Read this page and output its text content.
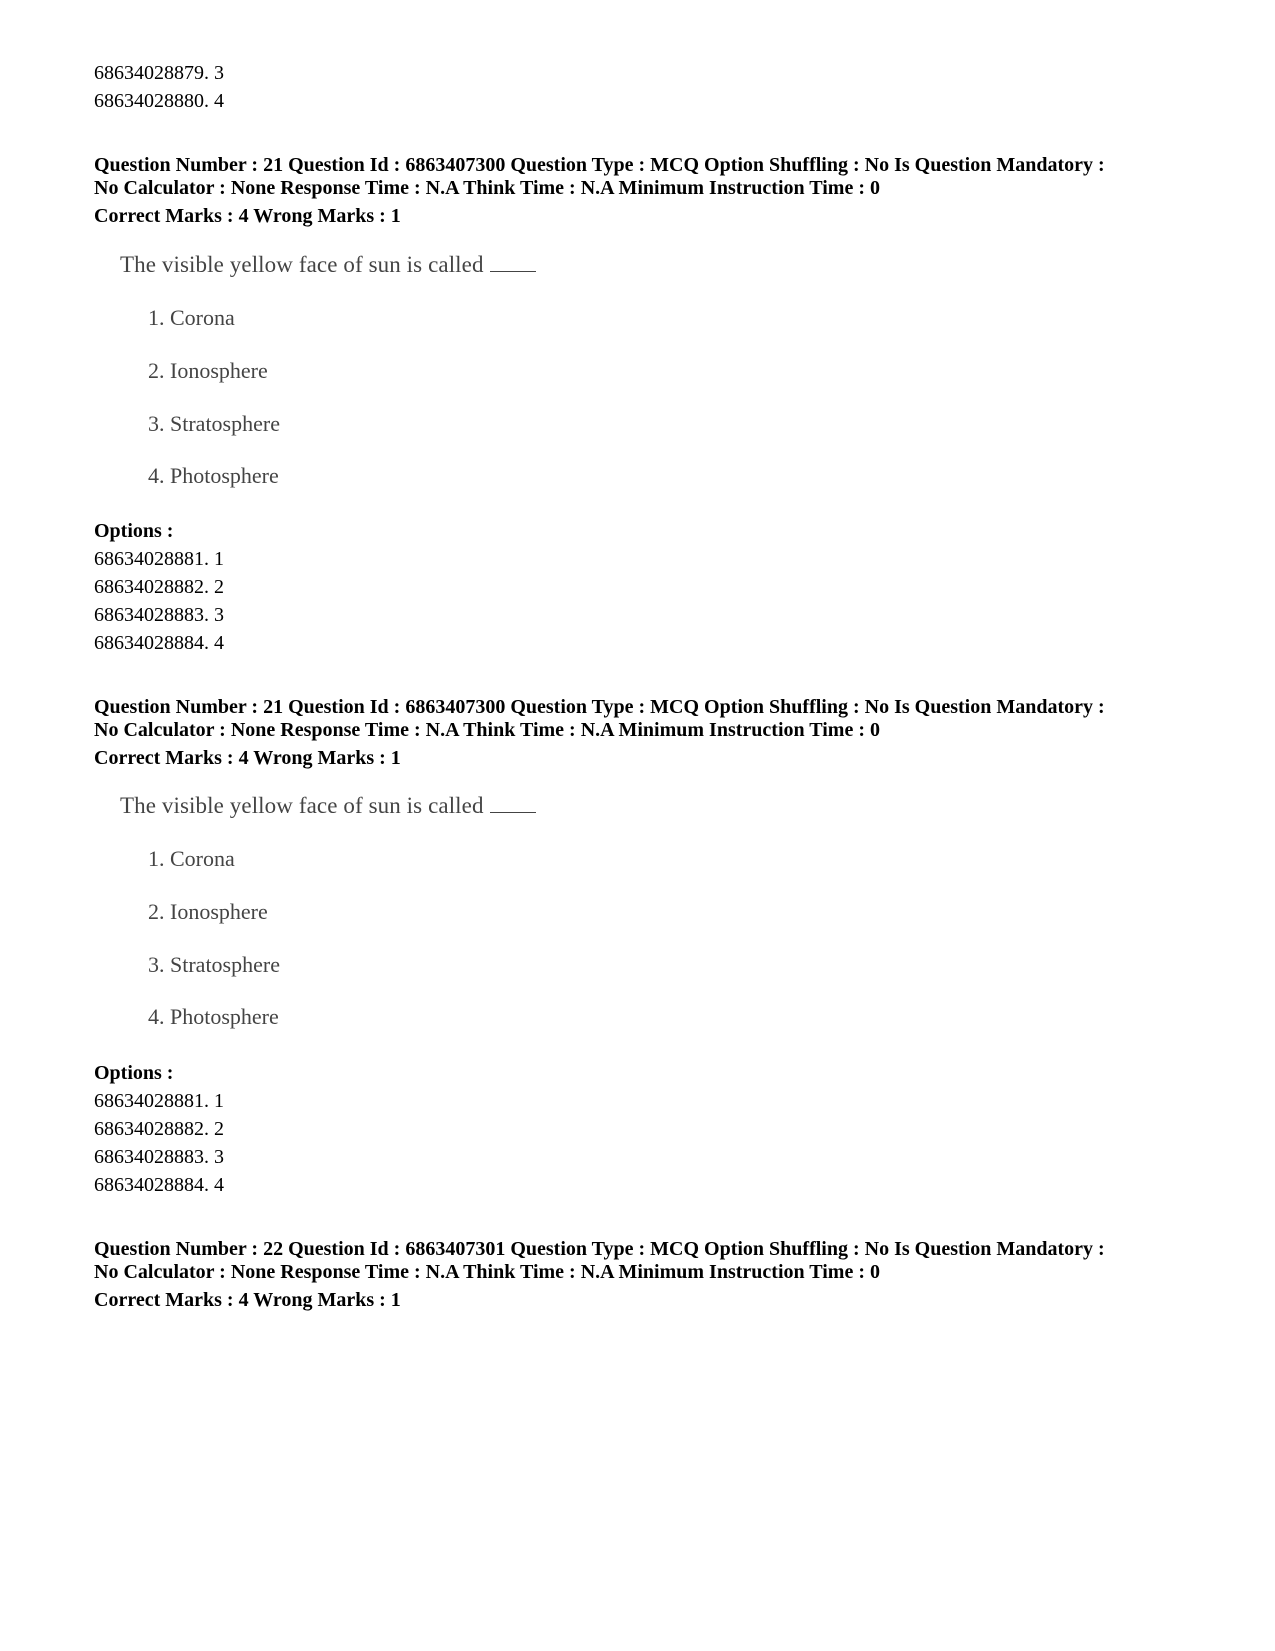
68634028879. 3
68634028880. 4
Question Number : 21 Question Id : 6863407300 Question Type : MCQ Option Shuffling : No Is Question Mandatory :
No Calculator : None Response Time : N.A Think Time : N.A Minimum Instruction Time : 0
Correct Marks : 4 Wrong Marks : 1
The visible yellow face of sun is called
1. Corona
2. Ionosphere
3. Stratosphere
4. Photosphere
Options :
68634028881. 1
68634028882. 2
68634028883. 3
68634028884. 4
Question Number : 21 Question Id : 6863407300 Question Type : MCQ Option Shuffling : No Is Question Mandatory :
No Calculator : None Response Time : N.A Think Time : N.A Minimum Instruction Time : 0
Correct Marks : 4 Wrong Marks : 1
The visible yellow face of sun is called
1. Corona
2. Ionosphere
3. Stratosphere
4. Photosphere
Options :
68634028881. 1
68634028882. 2
68634028883. 3
68634028884. 4
Question Number : 22 Question Id : 6863407301 Question Type : MCQ Option Shuffling : No Is Question Mandatory :
No Calculator : None Response Time : N.A Think Time : N.A Minimum Instruction Time : 0
Correct Marks : 4 Wrong Marks : 1
